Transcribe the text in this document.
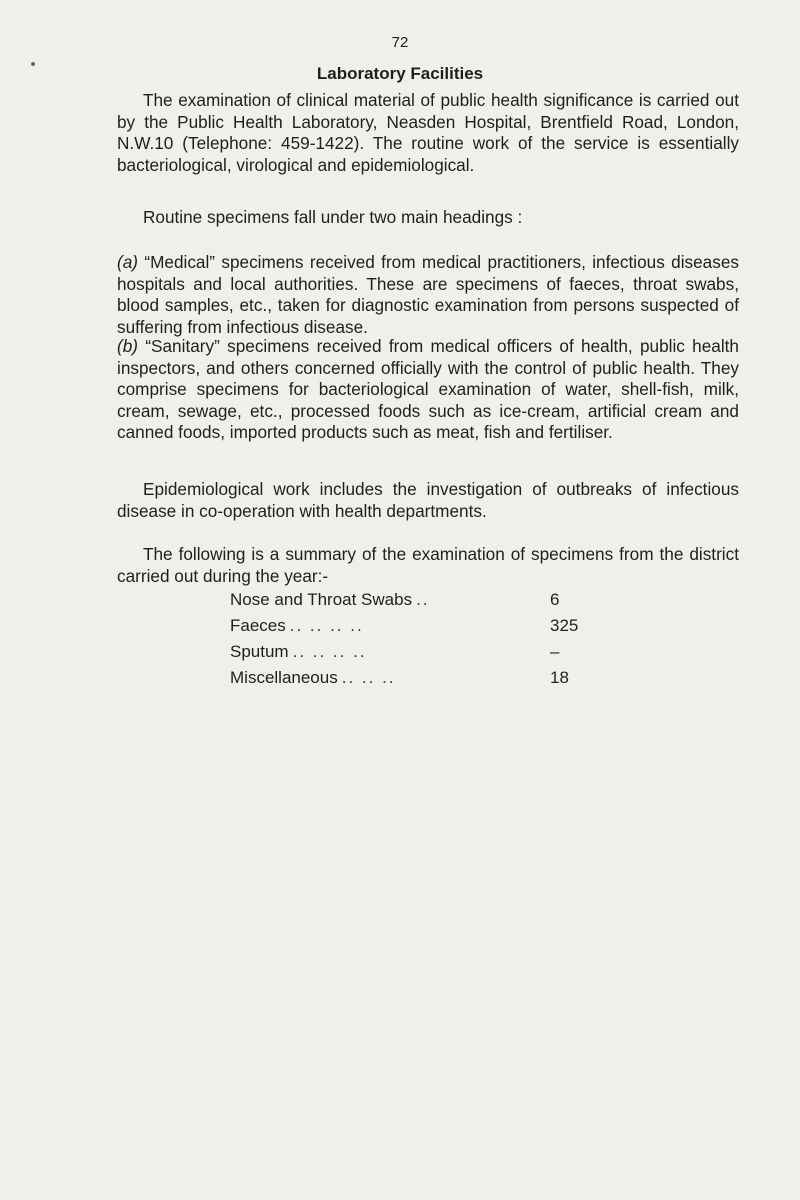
72
Laboratory Facilities

The examination of clinical material of public health significance is carried out by the Public Health Laboratory, Neasden Hospital, Brentfield Road, London, N.W.10 (Telephone: 459-1422). The routine work of the service is essentially bacteriological, virological and epidemiological.

Routine specimens fall under two main headings :

(a) “Medical” specimens received from medical practitioners, infectious diseases hospitals and local authorities. These are specimens of faeces, throat swabs, blood samples, etc., taken for diagnostic examination from persons suspected of suffering from infectious disease.

(b) “Sanitary” specimens received from medical officers of health, public health inspectors, and others concerned officially with the control of public health. They comprise specimens for bacteriological examination of water, shell-fish, milk, cream, sewage, etc., processed foods such as ice-cream, artificial cream and canned foods, imported products such as meat, fish and fertiliser.

Epidemiological work includes the investigation of outbreaks of infectious disease in co-operation with health departments.

The following is a summary of the examination of specimens from the district carried out during the year:-

Nose and Throat Swabs ..	6
Faeces .. .. .. ..	325
Sputum .. .. .. ..	–
Miscellaneous .. .. ..	18
